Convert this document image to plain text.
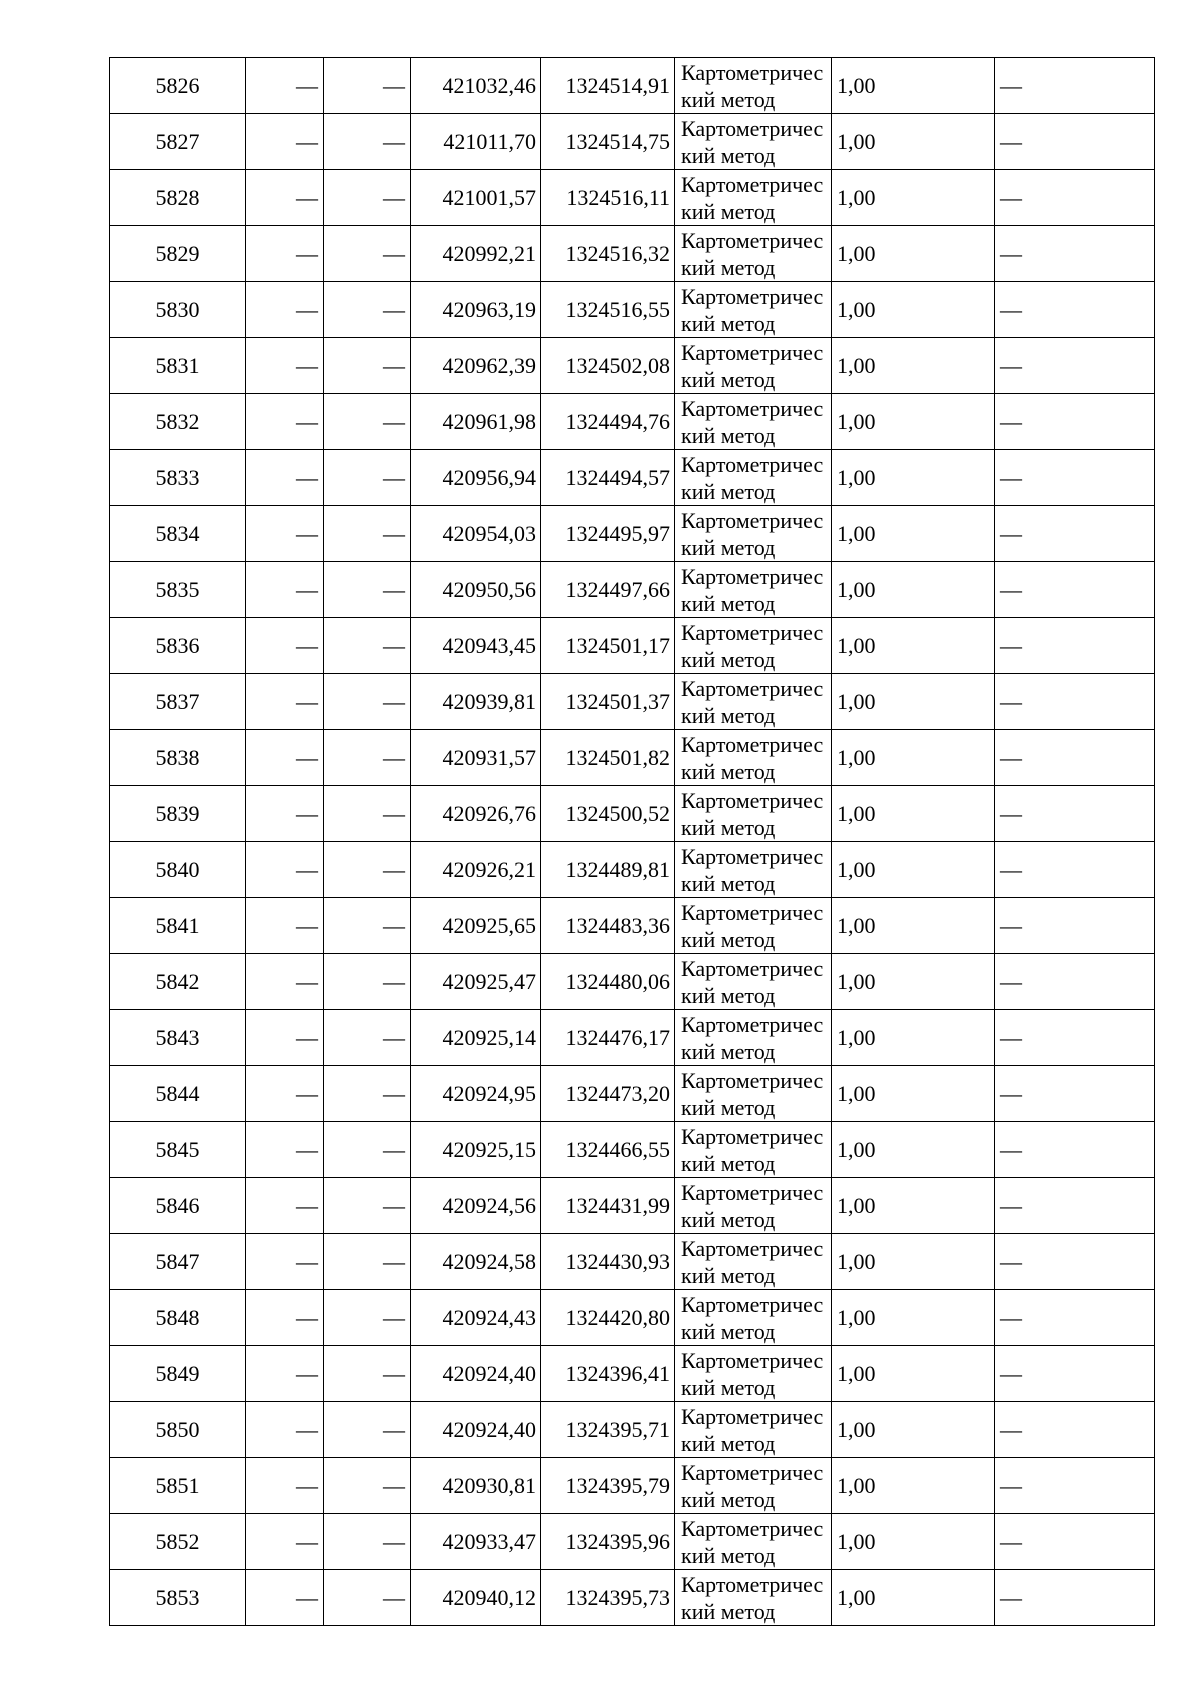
5826	—	—	421032,46	1324514,91	Картометрический метод	1,00	—
5827	—	—	421011,70	1324514,75	Картометрический метод	1,00	—
5828	—	—	421001,57	1324516,11	Картометрический метод	1,00	—
5829	—	—	420992,21	1324516,32	Картометрический метод	1,00	—
5830	—	—	420963,19	1324516,55	Картометрический метод	1,00	—
5831	—	—	420962,39	1324502,08	Картометрический метод	1,00	—
5832	—	—	420961,98	1324494,76	Картометрический метод	1,00	—
5833	—	—	420956,94	1324494,57	Картометрический метод	1,00	—
5834	—	—	420954,03	1324495,97	Картометрический метод	1,00	—
5835	—	—	420950,56	1324497,66	Картометрический метод	1,00	—
5836	—	—	420943,45	1324501,17	Картометрический метод	1,00	—
5837	—	—	420939,81	1324501,37	Картометрический метод	1,00	—
5838	—	—	420931,57	1324501,82	Картометрический метод	1,00	—
5839	—	—	420926,76	1324500,52	Картометрический метод	1,00	—
5840	—	—	420926,21	1324489,81	Картометрический метод	1,00	—
5841	—	—	420925,65	1324483,36	Картометрический метод	1,00	—
5842	—	—	420925,47	1324480,06	Картометрический метод	1,00	—
5843	—	—	420925,14	1324476,17	Картометрический метод	1,00	—
5844	—	—	420924,95	1324473,20	Картометрический метод	1,00	—
5845	—	—	420925,15	1324466,55	Картометрический метод	1,00	—
5846	—	—	420924,56	1324431,99	Картометрический метод	1,00	—
5847	—	—	420924,58	1324430,93	Картометрический метод	1,00	—
5848	—	—	420924,43	1324420,80	Картометрический метод	1,00	—
5849	—	—	420924,40	1324396,41	Картометрический метод	1,00	—
5850	—	—	420924,40	1324395,71	Картометрический метод	1,00	—
5851	—	—	420930,81	1324395,79	Картометрический метод	1,00	—
5852	—	—	420933,47	1324395,96	Картометрический метод	1,00	—
5853	—	—	420940,12	1324395,73	Картометрический метод	1,00	—
